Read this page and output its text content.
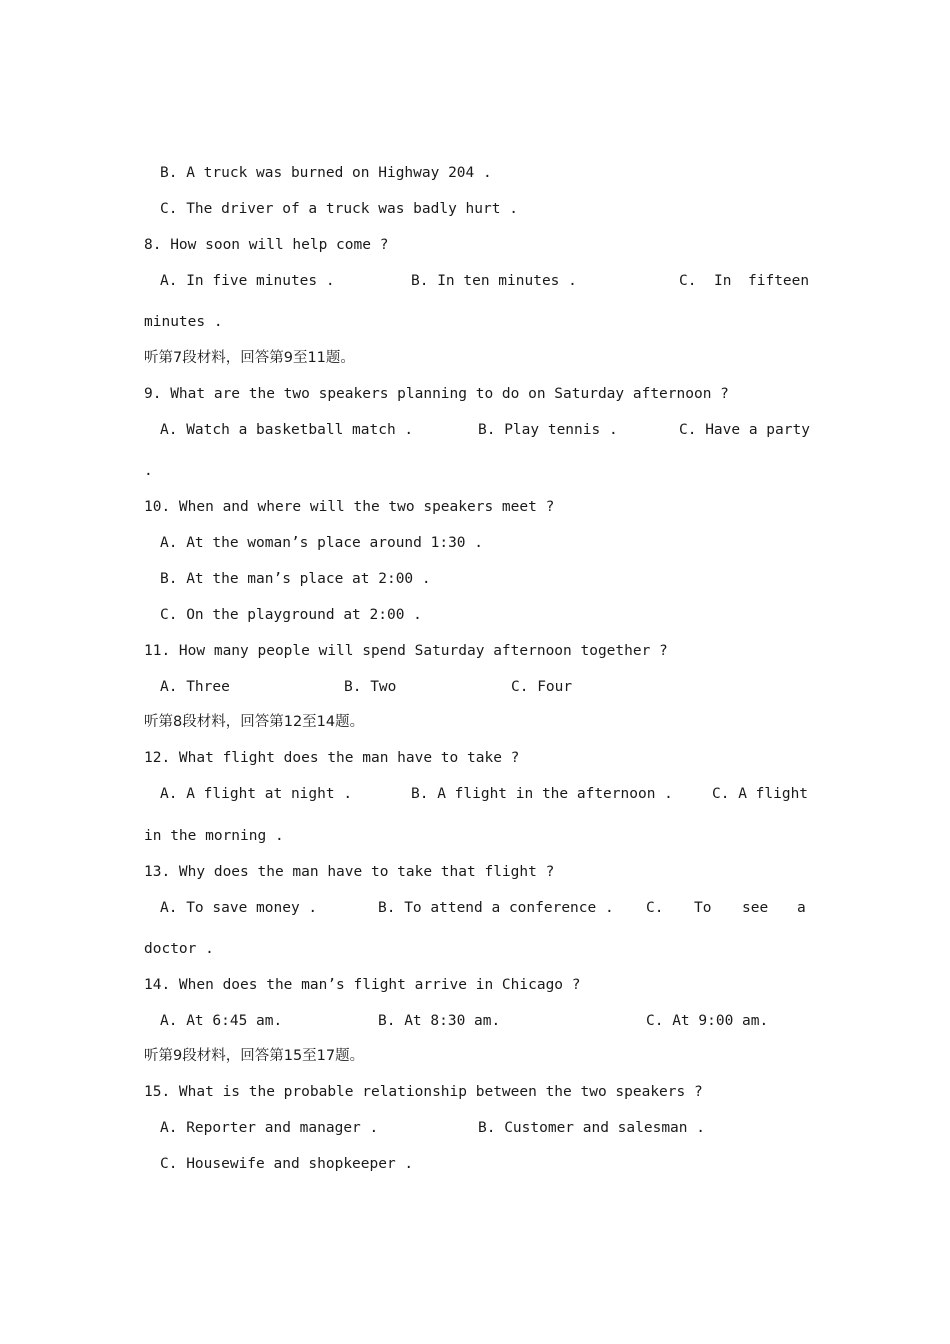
B. A truck was burned on Highway 204 .
C. The driver of a truck was badly hurt .
8. How soon will help come ?
A. In five minutes .	B. In ten minutes .	C. In fifteen
minutes .
听第7段材料，回答第9至11题。
9. What are the two speakers planning to do on Saturday afternoon ?
A. Watch a basketball match .	B. Play tennis .	C. Have a party
.
10. When and where will the two speakers meet ?
A. At the woman’s place around 1:30 .
B. At the man’s place at 2:00 .
C. On the playground at 2:00 .
11. How many people will spend Saturday afternoon together ?
A. Three	B. Two	C. Four
听第8段材料，回答第12至14题。
12. What flight does the man have to take ?
A. A flight at night .	B. A flight in the afternoon .	C. A flight
in the morning .
13. Why does the man have to take that flight ?
A. To save money .	B. To attend a conference . C. To see a
doctor .
14. When does the man’s flight arrive in Chicago ?
A. At 6:45 am.	B. At 8:30 am.	C. At 9:00 am.
听第9段材料，回答第15至17题。
15. What is the probable relationship between the two speakers ?
A. Reporter and manager .	B. Customer and salesman .
C. Housewife and shopkeeper .
